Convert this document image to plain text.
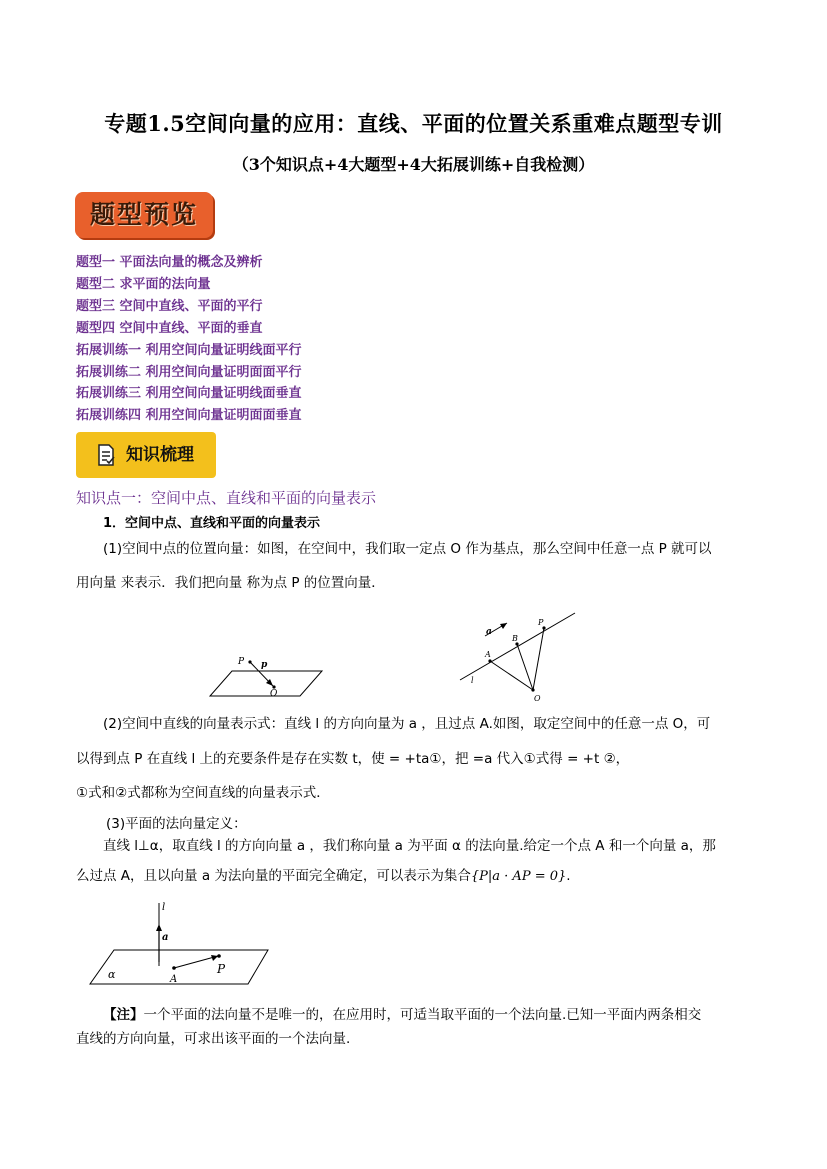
专题1.5空间向量的应用：直线、平面的位置关系重难点题型专训
（3个知识点+4大题型+4大拓展训练+自我检测）
题型预览
题型一 平面法向量的概念及辨析
题型二 求平面的法向量
题型三 空间中直线、平面的平行
题型四 空间中直线、平面的垂直
拓展训练一 利用空间向量证明线面平行
拓展训练二 利用空间向量证明面面平行
拓展训练三 利用空间向量证明线面垂直
拓展训练四 利用空间向量证明面面垂直
知识梳理
知识点一：空间中点、直线和平面的向量表示
1．空间中点、直线和平面的向量表示
(1)空间中点的位置向量：如图，在空间中，我们取一定点 O 作为基点，那么空间中任意一点 P 就可以
用向量 来表示．我们把向量 称为点 P 的位置向量．
P p
O
a
A
B
P
l
O
(2)空间中直线的向量表示式：直线 l 的方向向量为 a ，且过点 A.如图，取定空间中的任意一点 O，可
以得到点 P 在直线 l 上的充要条件是存在实数 t，使 = +ta①，把 =a 代入①式得 = +t ②，
①式和②式都称为空间直线的向量表示式．
(3)平面的法向量定义：
直线 l⊥α，取直线 l 的方向向量 a ，我们称向量 a 为平面 α 的法向量.给定一个点 A 和一个向量 a，那
么过点 A，且以向量 a 为法向量的平面完全确定，可以表示为集合{P|a · AP = 0}.
l
a
α	A
P
【注】一个平面的法向量不是唯一的，在应用时，可适当取平面的一个法向量.已知一平面内两条相交
直线的方向向量，可求出该平面的一个法向量.
